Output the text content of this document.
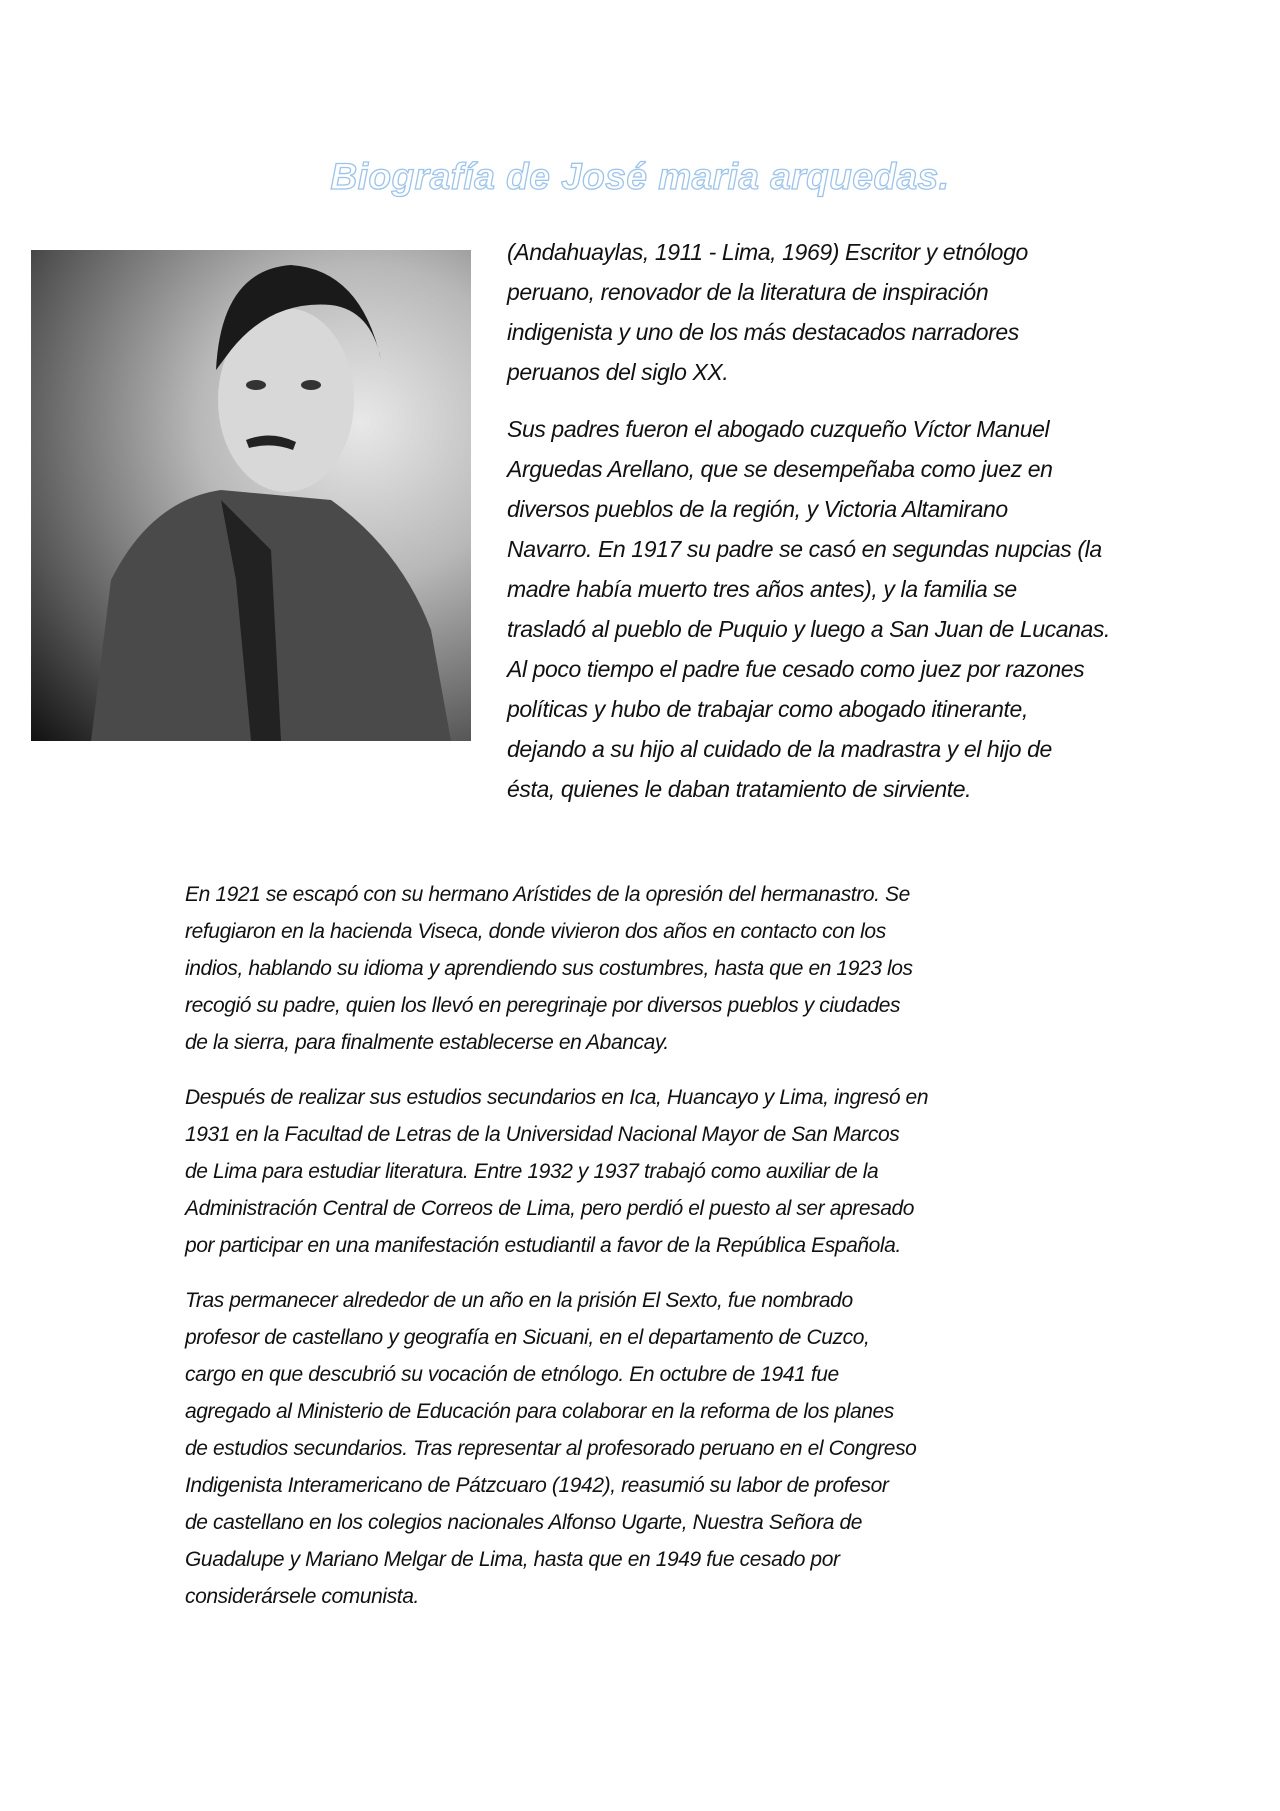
Biografía de José maria arquedas.

(Andahuaylas, 1911 - Lima, 1969) Escritor y etnólogo
peruano, renovador de la literatura de inspiración
indigenista y uno de los más destacados narradores
peruanos del siglo XX.

Sus padres fueron el abogado cuzqueño Víctor Manuel
Arguedas Arellano, que se desempeñaba como juez en
diversos pueblos de la región, y Victoria Altamirano
Navarro. En 1917 su padre se casó en segundas nupcias (la
madre había muerto tres años antes), y la familia se
trasladó al pueblo de Puquio y luego a San Juan de Lucanas.
Al poco tiempo el padre fue cesado como juez por razones
políticas y hubo de trabajar como abogado itinerante,
dejando a su hijo al cuidado de la madrastra y el hijo de
ésta, quienes le daban tratamiento de sirviente.

En 1921 se escapó con su hermano Arístides de la opresión del hermanastro. Se
refugiaron en la hacienda Viseca, donde vivieron dos años en contacto con los
indios, hablando su idioma y aprendiendo sus costumbres, hasta que en 1923 los
recogió su padre, quien los llevó en peregrinaje por diversos pueblos y ciudades
de la sierra, para finalmente establecerse en Abancay.

Después de realizar sus estudios secundarios en Ica, Huancayo y Lima, ingresó en
1931 en la Facultad de Letras de la Universidad Nacional Mayor de San Marcos
de Lima para estudiar literatura. Entre 1932 y 1937 trabajó como auxiliar de la
Administración Central de Correos de Lima, pero perdió el puesto al ser apresado
por participar en una manifestación estudiantil a favor de la República Española.

Tras permanecer alrededor de un año en la prisión El Sexto, fue nombrado
profesor de castellano y geografía en Sicuani, en el departamento de Cuzco,
cargo en que descubrió su vocación de etnólogo. En octubre de 1941 fue
agregado al Ministerio de Educación para colaborar en la reforma de los planes
de estudios secundarios. Tras representar al profesorado peruano en el Congreso
Indigenista Interamericano de Pátzcuaro (1942), reasumió su labor de profesor
de castellano en los colegios nacionales Alfonso Ugarte, Nuestra Señora de
Guadalupe y Mariano Melgar de Lima, hasta que en 1949 fue cesado por
considerársele comunista.
